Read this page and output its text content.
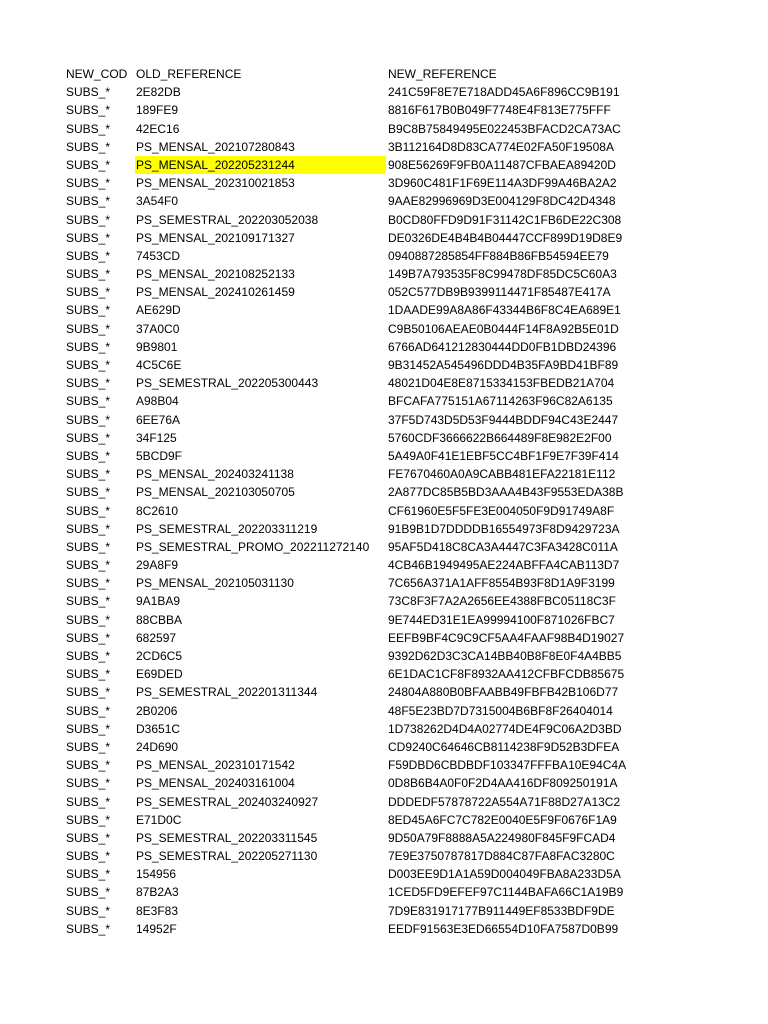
NEW_COD OLD_REFERENCE	NEW_REFERENCE
SUBS_*	2E82DB	241C59F8E7E718ADD45A6F896CC9B191
SUBS_*	189FE9	8816F617B0B049F7748E4F813E775FFF
SUBS_*	42EC16	B9C8B75849495E022453BFACD2CA73AC
SUBS_*	PS_MENSAL_202107280843	3B112164D8D83CA774E02FA50F19508A
SUBS_*	PS_MENSAL_202205231244	908E56269F9FB0A11487CFBAEA89420D
SUBS_*	PS_MENSAL_202310021853	3D960C481F1F69E114A3DF99A46BA2A2
SUBS_*	3A54F0	9AAE82996969D3E004129F8DC42D4348
SUBS_*	PS_SEMESTRAL_202203052038	B0CD80FFD9D91F31142C1FB6DE22C308
SUBS_*	PS_MENSAL_202109171327	DE0326DE4B4B4B04447CCF899D19D8E9
SUBS_*	7453CD	0940887285854FF884B86FB54594EE79
SUBS_*	PS_MENSAL_202108252133	149B7A793535F8C99478DF85DC5C60A3
SUBS_*	PS_MENSAL_202410261459	052C577DB9B9399114471F85487E417A
SUBS_*	AE629D	1DAADE99A8A86F43344B6F8C4EA689E1
SUBS_*	37A0C0	C9B50106AEAE0B0444F14F8A92B5E01D
SUBS_*	9B9801	6766AD641212830444DD0FB1DBD24396
SUBS_*	4C5C6E	9B31452A545496DDD4B35FA9BD41BF89
SUBS_*	PS_SEMESTRAL_202205300443	48021D04E8E8715334153FBEDB21A704
SUBS_*	A98B04	BFCAFA775151A67114263F96C82A6135
SUBS_*	6EE76A	37F5D743D5D53F9444BDDF94C43E2447
SUBS_*	34F125	5760CDF3666622B664489F8E982E2F00
SUBS_*	5BCD9F	5A49A0F41E1EBF5CC4BF1F9E7F39F414
SUBS_*	PS_MENSAL_202403241138	FE7670460A0A9CABB481EFA22181E112
SUBS_*	PS_MENSAL_202103050705	2A877DC85B5BD3AAA4B43F9553EDA38B
SUBS_*	8C2610	CF61960E5F5FE3E004050F9D91749A8F
SUBS_*	PS_SEMESTRAL_202203311219	91B9B1D7DDDDB16554973F8D9429723A
SUBS_*	PS_SEMESTRAL_PROMO_202211272140	95AF5D418C8CA3A4447C3FA3428C011A
SUBS_*	29A8F9	4CB46B1949495AE224ABFFA4CAB113D7
SUBS_*	PS_MENSAL_202105031130	7C656A371A1AFF8554B93F8D1A9F3199
SUBS_*	9A1BA9	73C8F3F7A2A2656EE4388FBC05118C3F
SUBS_*	88CBBA	9E744ED31E1EA99994100F871026FBC7
SUBS_*	682597	EEFB9BF4C9C9CF5AA4FAAF98B4D19027
SUBS_*	2CD6C5	9392D62D3C3CA14BB40B8F8E0F4A4BB5
SUBS_*	E69DED	6E1DAC1CF8F8932AA412CFBFCDB85675
SUBS_*	PS_SEMESTRAL_202201311344	24804A880B0BFAABB49FBFB42B106D77
SUBS_*	2B0206	48F5E23BD7D7315004B6BF8F26404014
SUBS_*	D3651C	1D738262D4D4A02774DE4F9C06A2D3BD
SUBS_*	24D690	CD9240C64646CB8114238F9D52B3DFEA
SUBS_*	PS_MENSAL_202310171542	F59DBD6CBDBDF103347FFFBA10E94C4A
SUBS_*	PS_MENSAL_202403161004	0D8B6B4A0F0F2D4AA416DF809250191A
SUBS_*	PS_SEMESTRAL_202403240927	DDDEDF57878722A554A71F88D27A13C2
SUBS_*	E71D0C	8ED45A6FC7C782E0040E5F9F0676F1A9
SUBS_*	PS_SEMESTRAL_202203311545	9D50A79F8888A5A224980F845F9FCAD4
SUBS_*	PS_SEMESTRAL_202205271130	7E9E3750787817D884C87FA8FAC3280C
SUBS_*	154956	D003EE9D1A1A59D004049FBA8A233D5A
SUBS_*	87B2A3	1CED5FD9EFEF97C1144BAFA66C1A19B9
SUBS_*	8E3F83	7D9E831917177B911449EF8533BDF9DE
SUBS_*	14952F	EEDF91563E3ED66554D10FA7587D0B99
